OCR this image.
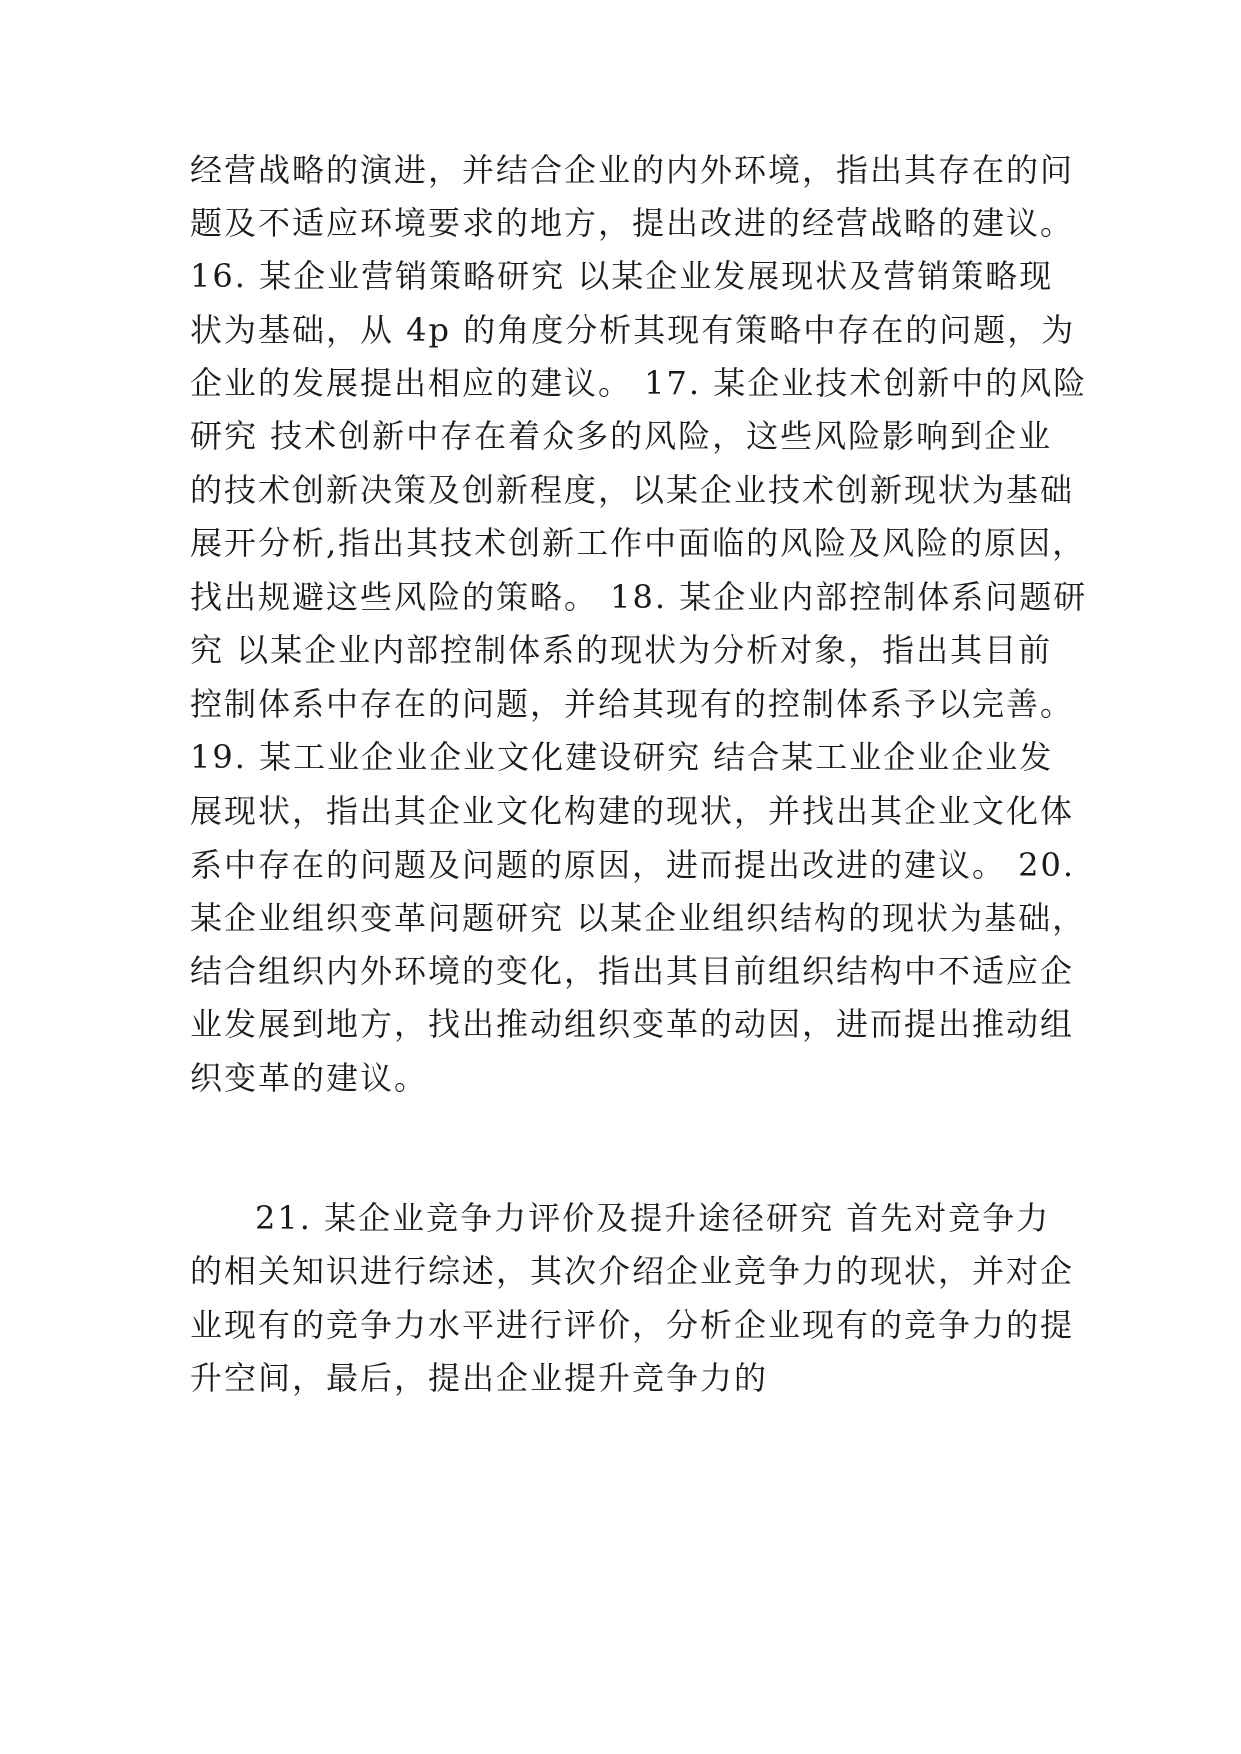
经营战略的演进，并结合企业的内外环境，指出其存在的问
题及不适应环境要求的地方，提出改进的经营战略的建议。
16. 某企业营销策略研究 以某企业发展现状及营销策略现
状为基础，从 4p 的角度分析其现有策略中存在的问题，为
企业的发展提出相应的建议。 17. 某企业技术创新中的风险
研究 技术创新中存在着众多的风险，这些风险影响到企业
的技术创新决策及创新程度，以某企业技术创新现状为基础
展开分析,指出其技术创新工作中面临的风险及风险的原因，
找出规避这些风险的策略。 18. 某企业内部控制体系问题研
究 以某企业内部控制体系的现状为分析对象，指出其目前
控制体系中存在的问题，并给其现有的控制体系予以完善。
19. 某工业企业企业文化建设研究 结合某工业企业企业发
展现状，指出其企业文化构建的现状，并找出其企业文化体
系中存在的问题及问题的原因，进而提出改进的建议。 20.
某企业组织变革问题研究 以某企业组织结构的现状为基础，
结合组织内外环境的变化，指出其目前组织结构中不适应企
业发展到地方，找出推动组织变革的动因，进而提出推动组
织变革的建议。
21. 某企业竞争力评价及提升途径研究 首先对竞争力
的相关知识进行综述，其次介绍企业竞争力的现状，并对企
业现有的竞争力水平进行评价，分析企业现有的竞争力的提
升空间，最后，提出企业提升竞争力的
